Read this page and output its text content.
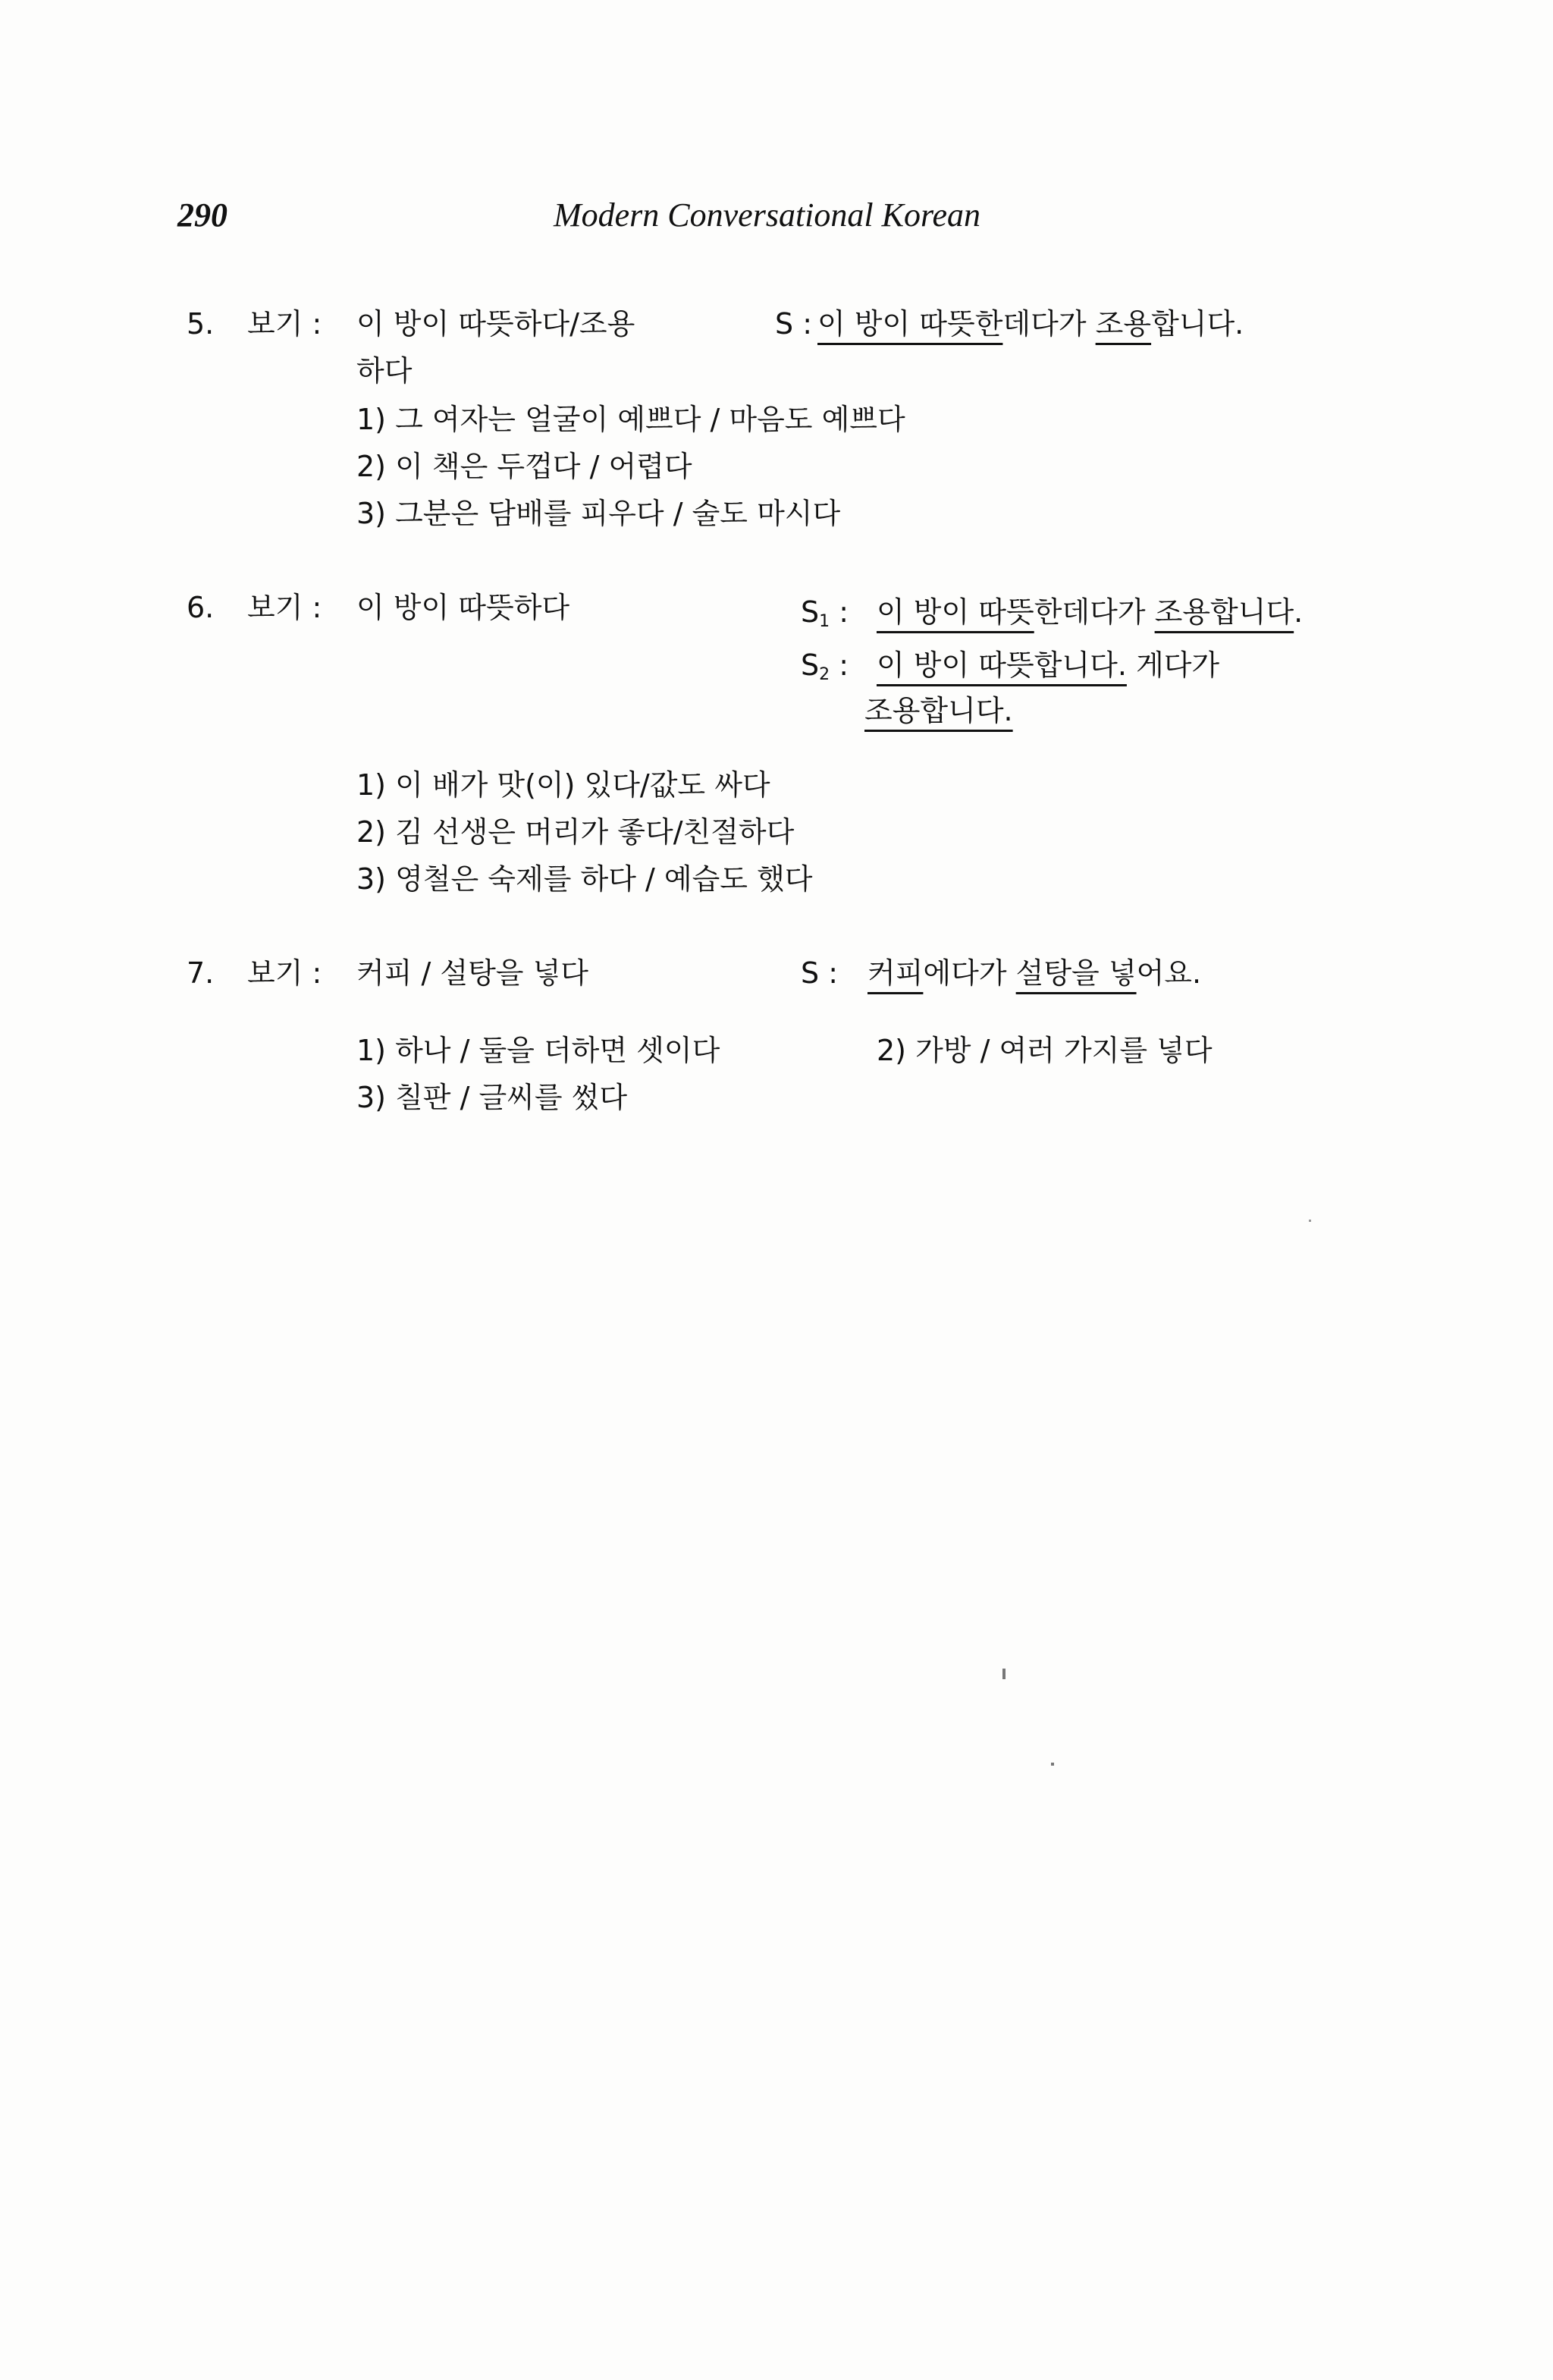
290	Modern Conversational Korean
5. 보기 : 이 방이 따뜻하다/조용
하다
S : 이 방이 따뜻한데다가 조용합니다.
1) 그 여자는 얼굴이 예쁘다 / 마음도 예쁘다
2) 이 책은 두껍다 / 어렵다
3) 그분은 담배를 피우다 / 술도 마시다
6. 보기 : 이 방이 따뜻하다	$S_1$ : 이 방이 따뜻한데다가 조용합니다.
$S_2$ : 이 방이 따뜻합니다. 게다가
조용합니다.
1) 이 배가 맛(이) 있다/값도 싸다
2) 김 선생은 머리가 좋다/친절하다
3) 영철은 숙제를 하다 / 예습도 했다
7. 보기 : 커피 / 설탕을 넣다	S : 커피에다가 설탕을 넣어요.
1) 하나 / 둘을 더하면 셋이다	2) 가방 / 여러 가지를 넣다
3) 칠판 / 글씨를 썼다
